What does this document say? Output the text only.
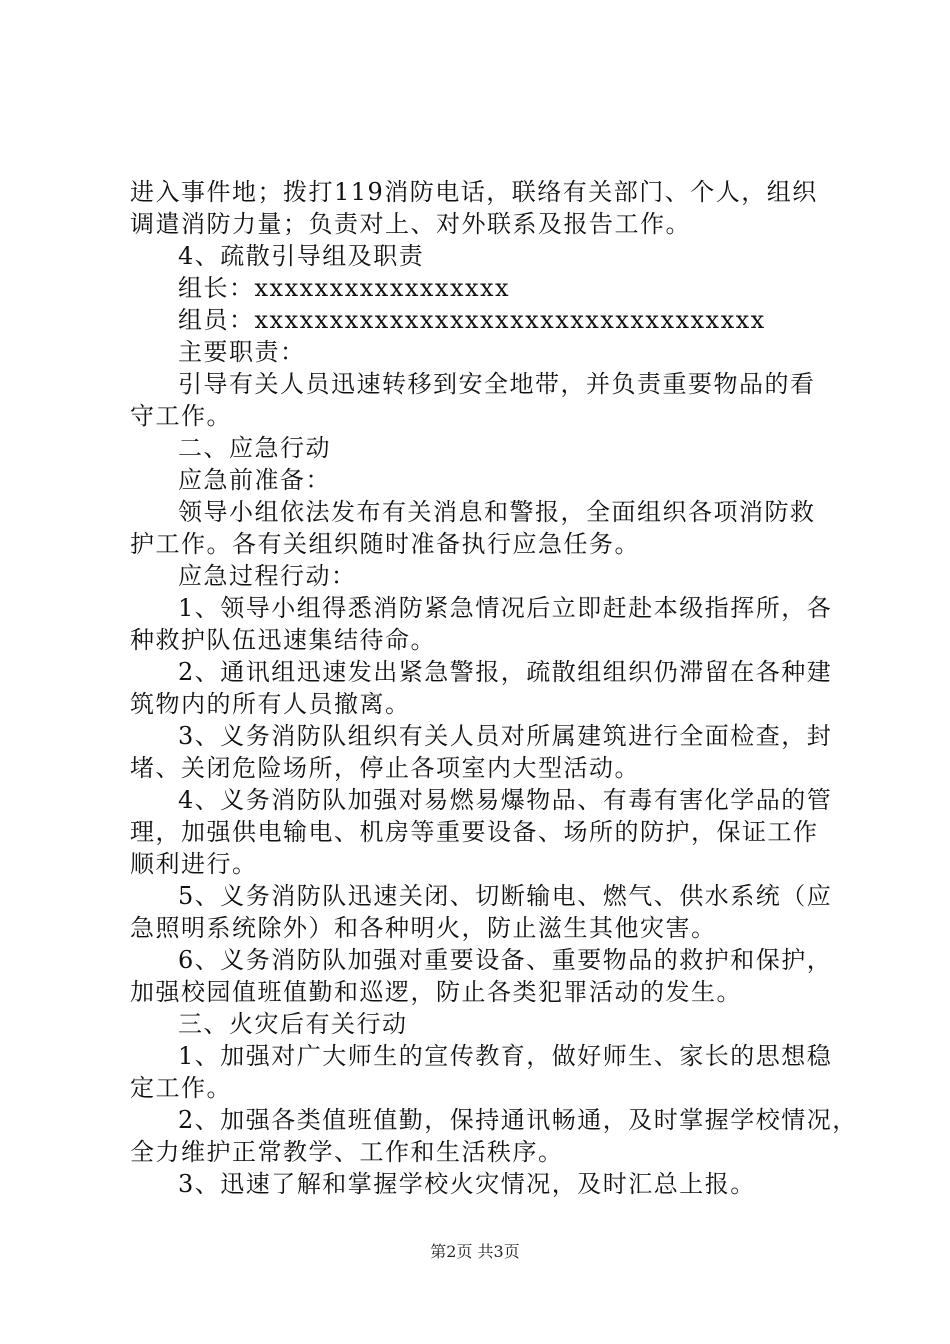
进入事件地；拨打119消防电话，联络有关部门、个人，组织
调遣消防力量；负责对上、对外联系及报告工作。
4、疏散引导组及职责
组长：xxxxxxxxxxxxxxxxx
组员：xxxxxxxxxxxxxxxxxxxxxxxxxxxxxxxxxx
主要职责：
引导有关人员迅速转移到安全地带，并负责重要物品的看
守工作。
二、应急行动
应急前准备：
领导小组依法发布有关消息和警报，全面组织各项消防救
护工作。各有关组织随时准备执行应急任务。
应急过程行动：
1、领导小组得悉消防紧急情况后立即赶赴本级指挥所，各
种救护队伍迅速集结待命。
2、通讯组迅速发出紧急警报，疏散组组织仍滞留在各种建
筑物内的所有人员撤离。
3、义务消防队组织有关人员对所属建筑进行全面检查，封
堵、关闭危险场所，停止各项室内大型活动。
4、义务消防队加强对易燃易爆物品、有毒有害化学品的管
理，加强供电输电、机房等重要设备、场所的防护，保证工作
顺利进行。
5、义务消防队迅速关闭、切断输电、燃气、供水系统（应
急照明系统除外）和各种明火，防止滋生其他灾害。
6、义务消防队加强对重要设备、重要物品的救护和保护，
加强校园值班值勤和巡逻，防止各类犯罪活动的发生。
三、火灾后有关行动
1、加强对广大师生的宣传教育，做好师生、家长的思想稳
定工作。
2、加强各类值班值勤，保持通讯畅通，及时掌握学校情况，
全力维护正常教学、工作和生活秩序。
3、迅速了解和掌握学校火灾情况，及时汇总上报。
第2页 共3页
